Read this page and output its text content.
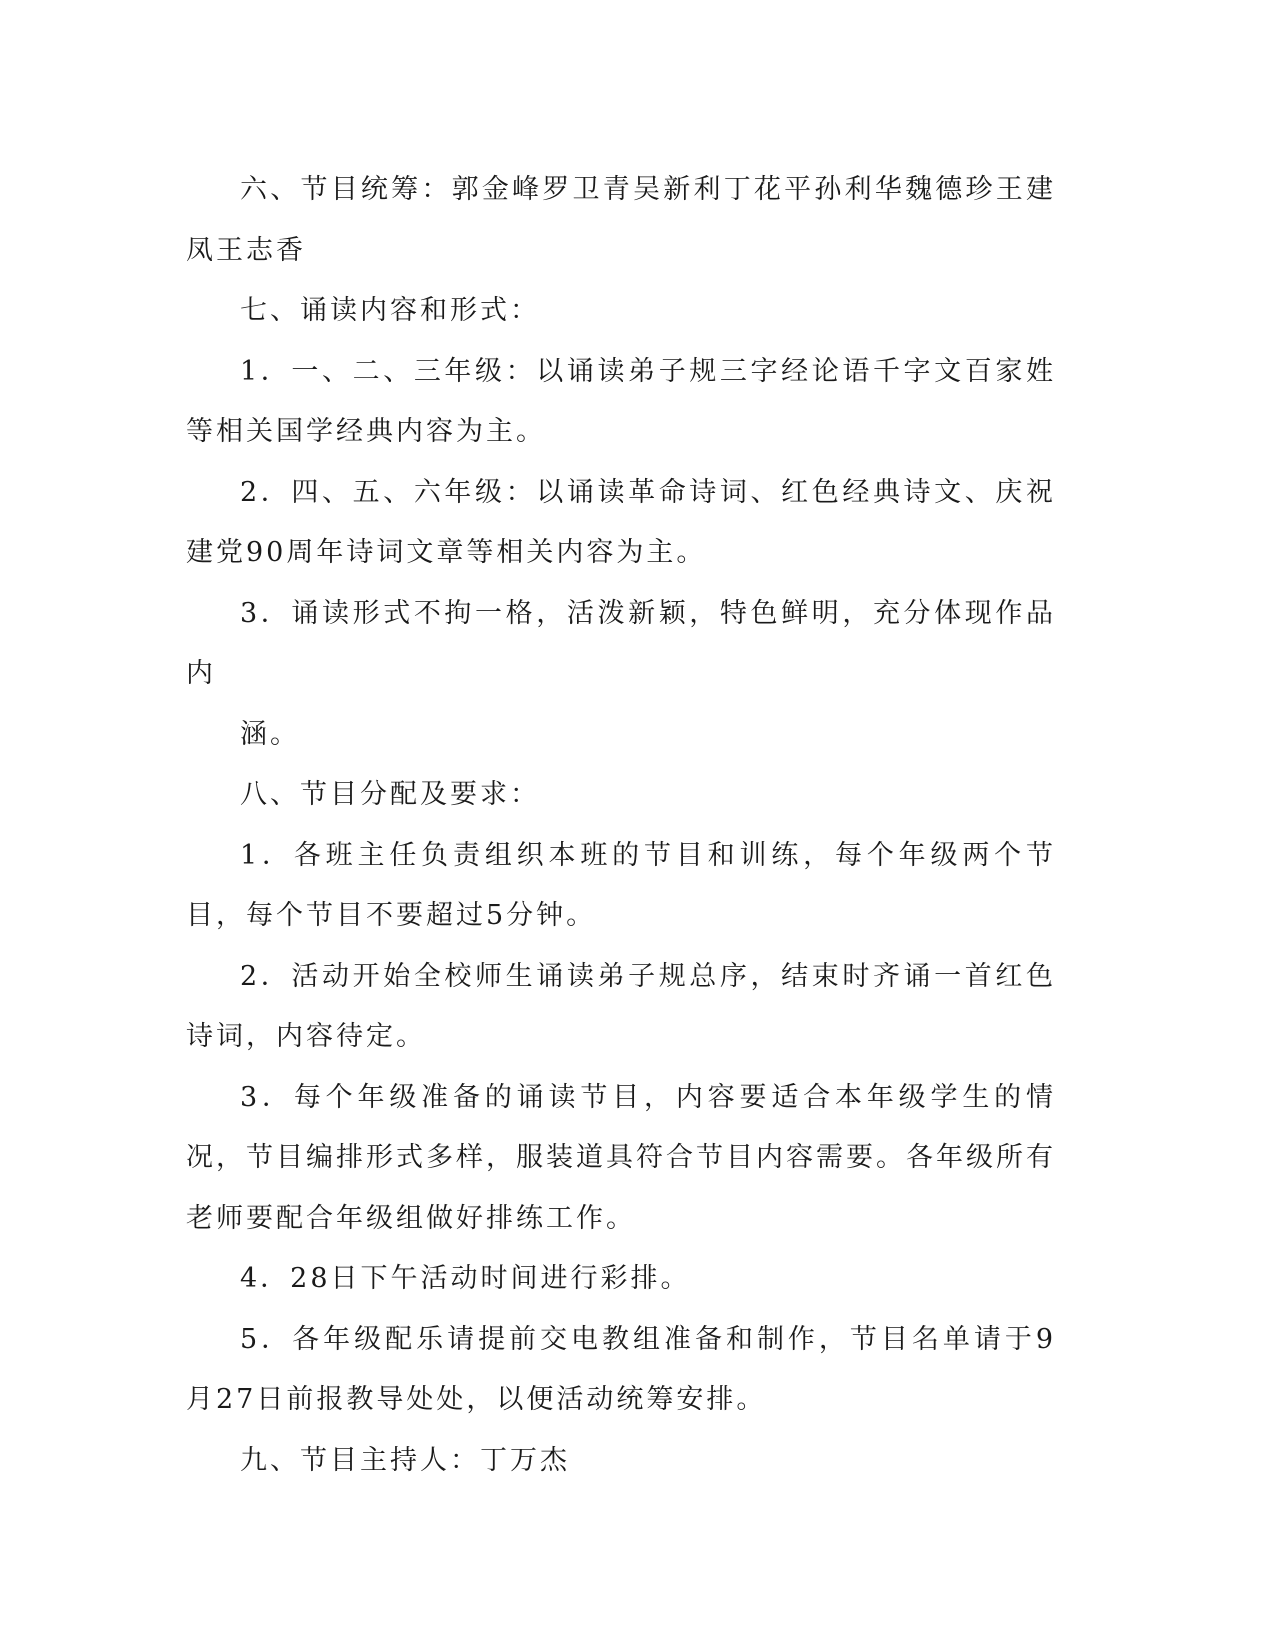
六、节目统筹：郭金峰罗卫青吴新利丁花平孙利华魏德珍王建凤王志香

七、诵读内容和形式：

1．一、二、三年级：以诵读弟子规三字经论语千字文百家姓等相关国学经典内容为主。

2．四、五、六年级：以诵读革命诗词、红色经典诗文、庆祝建党90周年诗词文章等相关内容为主。

3．诵读形式不拘一格，活泼新颖，特色鲜明，充分体现作品内

涵。

八、节目分配及要求：

1．各班主任负责组织本班的节目和训练，每个年级两个节目，每个节目不要超过5分钟。

2．活动开始全校师生诵读弟子规总序，结束时齐诵一首红色诗词，内容待定。

3．每个年级准备的诵读节目，内容要适合本年级学生的情况，节目编排形式多样，服装道具符合节目内容需要。各年级所有老师要配合年级组做好排练工作。

4．28日下午活动时间进行彩排。

5．各年级配乐请提前交电教组准备和制作，节目名单请于9月27日前报教导处处，以便活动统筹安排。

九、节目主持人：丁万杰
